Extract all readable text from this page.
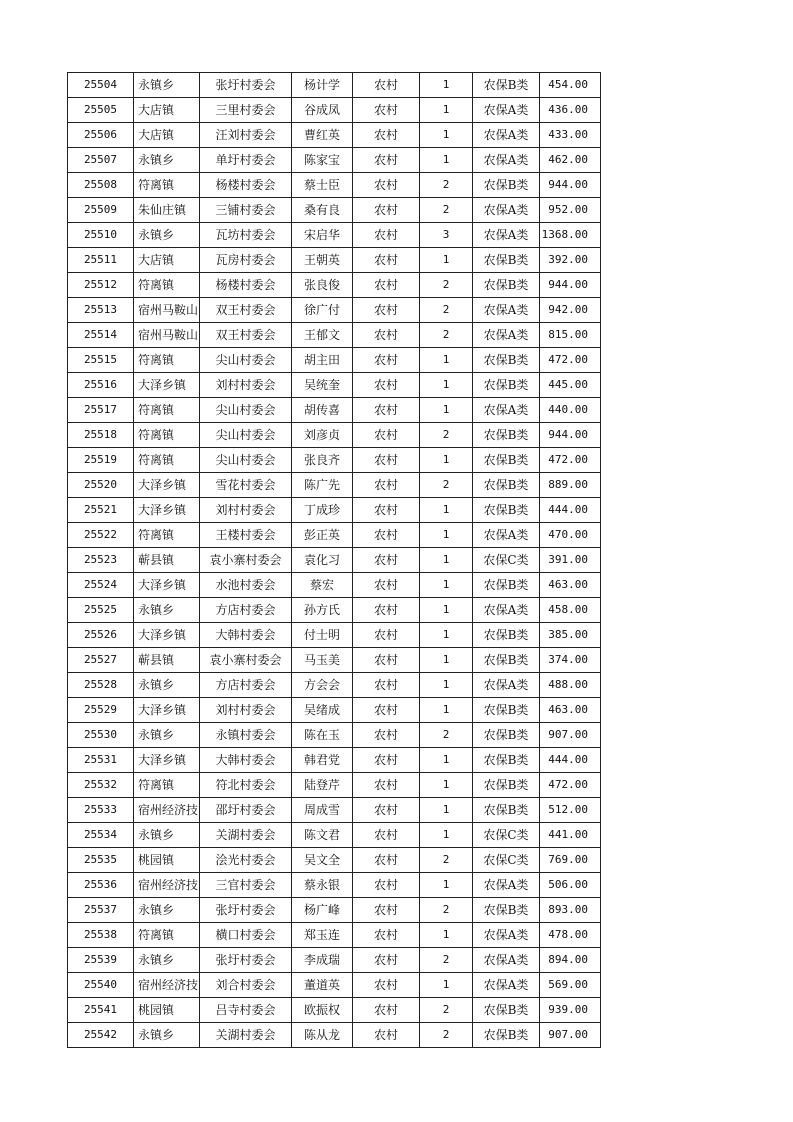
25504	永镇乡	张圩村委会	杨计学	农村	1	农保B类	454.00
25505	大店镇	三里村委会	谷成凤	农村	1	农保A类	436.00
25506	大店镇	汪刘村委会	曹红英	农村	1	农保A类	433.00
25507	永镇乡	单圩村委会	陈家宝	农村	1	农保A类	462.00
25508	符离镇	杨楼村委会	蔡士臣	农村	2	农保B类	944.00
25509	朱仙庄镇	三铺村委会	桑有良	农村	2	农保A类	952.00
25510	永镇乡	瓦坊村委会	宋启华	农村	3	农保A类	1368.00
25511	大店镇	瓦房村委会	王朝英	农村	1	农保B类	392.00
25512	符离镇	杨楼村委会	张良俊	农村	2	农保B类	944.00
25513	宿州马鞍山	双王村委会	徐广付	农村	2	农保A类	942.00
25514	宿州马鞍山	双王村委会	王郁文	农村	2	农保A类	815.00
25515	符离镇	尖山村委会	胡主田	农村	1	农保B类	472.00
25516	大泽乡镇	刘村村委会	吴统奎	农村	1	农保B类	445.00
25517	符离镇	尖山村委会	胡传喜	农村	1	农保A类	440.00
25518	符离镇	尖山村委会	刘彦贞	农村	2	农保B类	944.00
25519	符离镇	尖山村委会	张良齐	农村	1	农保B类	472.00
25520	大泽乡镇	雪花村委会	陈广先	农村	2	农保B类	889.00
25521	大泽乡镇	刘村村委会	丁成珍	农村	1	农保B类	444.00
25522	符离镇	王楼村委会	彭正英	农村	1	农保A类	470.00
25523	蕲县镇	袁小寨村委会	袁化习	农村	1	农保C类	391.00
25524	大泽乡镇	水池村委会	蔡宏	农村	1	农保B类	463.00
25525	永镇乡	方店村委会	孙方氏	农村	1	农保A类	458.00
25526	大泽乡镇	大韩村委会	付士明	农村	1	农保B类	385.00
25527	蕲县镇	袁小寨村委会	马玉美	农村	1	农保B类	374.00
25528	永镇乡	方店村委会	方会会	农村	1	农保A类	488.00
25529	大泽乡镇	刘村村委会	吴绪成	农村	1	农保B类	463.00
25530	永镇乡	永镇村委会	陈在玉	农村	2	农保B类	907.00
25531	大泽乡镇	大韩村委会	韩君党	农村	1	农保B类	444.00
25532	符离镇	符北村委会	陆登芹	农村	1	农保B类	472.00
25533	宿州经济技	邵圩村委会	周成雪	农村	1	农保B类	512.00
25534	永镇乡	关湖村委会	陈文君	农村	1	农保C类	441.00
25535	桃园镇	浍光村委会	吴文全	农村	2	农保C类	769.00
25536	宿州经济技	三官村委会	蔡永银	农村	1	农保A类	506.00
25537	永镇乡	张圩村委会	杨广峰	农村	2	农保B类	893.00
25538	符离镇	横口村委会	郑玉连	农村	1	农保A类	478.00
25539	永镇乡	张圩村委会	李成瑞	农村	2	农保A类	894.00
25540	宿州经济技	刘合村委会	董道英	农村	1	农保A类	569.00
25541	桃园镇	吕寺村委会	欧振权	农村	2	农保B类	939.00
25542	永镇乡	关湖村委会	陈从龙	农村	2	农保B类	907.00
